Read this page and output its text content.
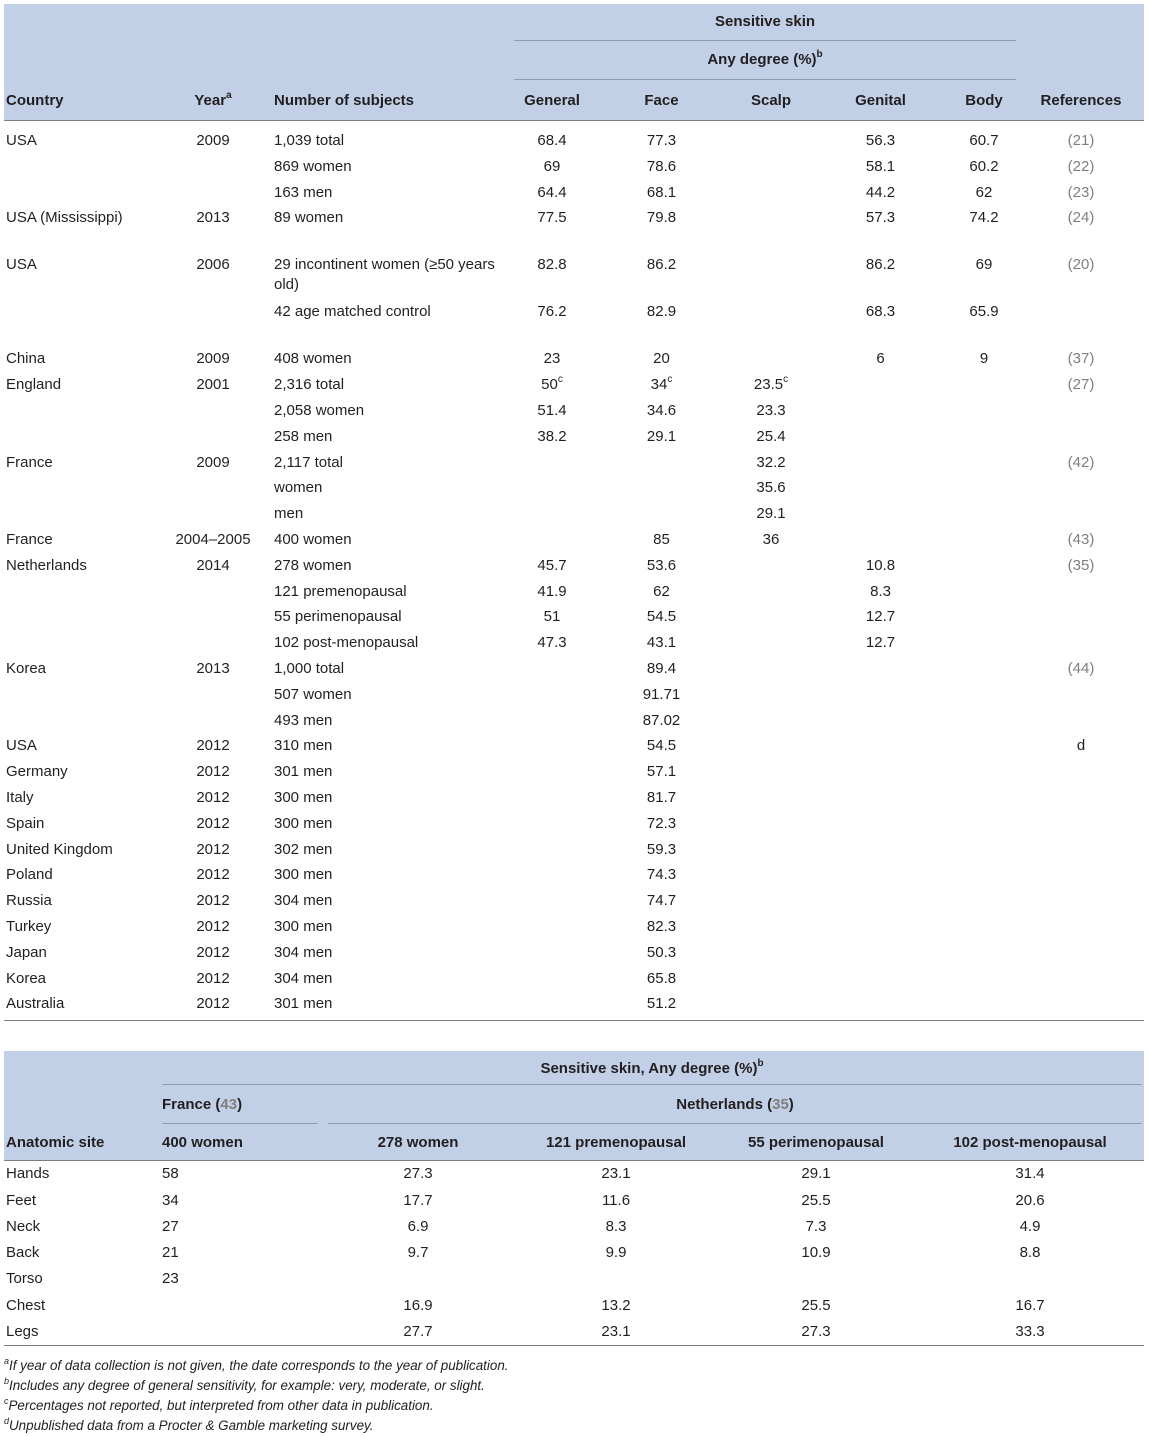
			Sensitive skin					

			Any degree (%)$^b$

Country	Year$^a$	Number of subjects	General	Face	Scalp	Genital	Body	References
USA	2009	1,039 total	68.4	77.3		56.3	60.7	(21)
		869 women	69	78.6		58.1	60.2	(22)
		163 men	64.4	68.1		44.2	62	(23)
USA (Mississippi)	2013	89 women	77.5	79.8		57.3	74.2	(24)
USA	2006	29 incontinent women (≥50 years old)	82.8	86.2		86.2	69	(20)
		42 age matched control	76.2	82.9		68.3	65.9	
China	2009	408 women	23	20		6	9	(37)
England	2001	2,316 total	50$^c$	34$^c$	23.5$^c$			(27)
		2,058 women	51.4	34.6	23.3			
		258 men	38.2	29.1	25.4			
France	2009	2,117 total			32.2			(42)
		women			35.6			
		men			29.1			
France	2004–2005	400 women		85	36			(43)
Netherlands	2014	278 women	45.7	53.6		10.8		(35)
		121 premenopausal	41.9	62		8.3		
		55 perimenopausal	51	54.5		12.7		
		102 post-menopausal	47.3	43.1		12.7		
Korea	2013	1,000 total		89.4				(44)
		507 women		91.71				
		493 men		87.02				
USA	2012	310 men		54.5				d
Germany	2012	301 men		57.1				
Italy	2012	300 men		81.7				
Spain	2012	300 men		72.3				
United Kingdom	2012	302 men		59.3				
Poland	2012	300 men		74.3				
Russia	2012	304 men		74.7				
Turkey	2012	300 men		82.3				
Japan	2012	304 men		50.3				
Korea	2012	304 men		65.8				
Australia	2012	301 men		51.2				

	Sensitive skin, Any degree (%)$^b$

	France (43)	Netherlands (35)			

Anatomic site	400 women	278 women	121 premenopausal	55 perimenopausal	102 post-menopausal
Hands	58	27.3	23.1	29.1	31.4
Feet	34	17.7	11.6	25.5	20.6
Neck	27	6.9	8.3	7.3	4.9
Back	21	9.7	9.9	10.9	8.8
Torso	23				
Chest		16.9	13.2	25.5	16.7
Legs		27.7	23.1	27.3	33.3
$^a$If year of data collection is not given, the date corresponds to the year of publication.
$^b$Includes any degree of general sensitivity, for example: very, moderate, or slight.
$^c$Percentages not reported, but interpreted from other data in publication.
$^d$Unpublished data from a Procter & Gamble marketing survey.
